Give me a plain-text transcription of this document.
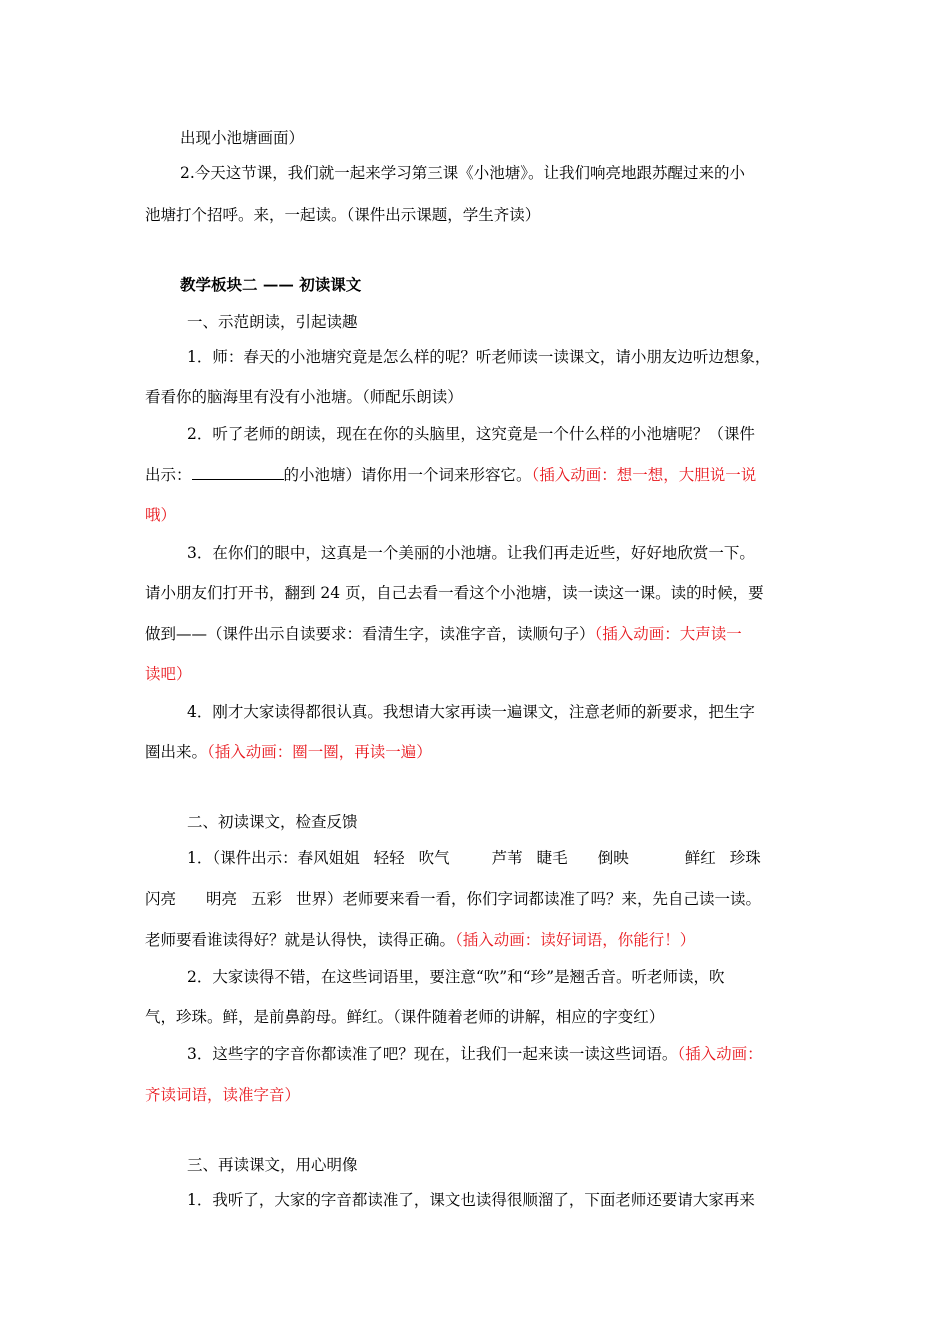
出现小池塘画面）
2.今天这节课，我们就一起来学习第三课《小池塘》。让我们响亮地跟苏醒过来的小
池塘打个招呼。来，一起读。（课件出示课题，学生齐读）
教学板块二 —— 初读课文
一、示范朗读，引起读趣
1．师：春天的小池塘究竟是怎么样的呢？听老师读一读课文，请小朋友边听边想象，
看看你的脑海里有没有小池塘。（师配乐朗读）
2．听了老师的朗读，现在在你的头脑里，这究竟是一个什么样的小池塘呢？（课件
出示：	的小池塘）请你用一个词来形容它。（插入动画：想一想，大胆说一说
哦）
3．在你们的眼中，这真是一个美丽的小池塘。让我们再走近些，好好地欣赏一下。
请小朋友们打开书，翻到 24 页，自己去看一看这个小池塘，读一读这一课。读的时候，要
做到——（课件出示自读要求：看清生字，读准字音，读顺句子）（插入动画：大声读一
读吧）
4．刚才大家读得都很认真。我想请大家再读一遍课文，注意老师的新要求，把生字
圈出来。（插入动画：圈一圈，再读一遍）
二、初读课文，检查反馈
1．（课件出示：春风姐姐 轻轻 吹气	芦苇 睫毛 倒映	鲜红 珍珠
闪亮 明亮 五彩 世界）老师要来看一看，你们字词都读准了吗？来，先自己读一读。
老师要看谁读得好？就是认得快，读得正确。（插入动画：读好词语，你能行！）
2．大家读得不错，在这些词语里，要注意“吹”和“珍”是翘舌音。听老师读，吹
气，珍珠。鲜，是前鼻韵母。鲜红。（课件随着老师的讲解，相应的字变红）
3．这些字的字音你都读准了吧？现在，让我们一起来读一读这些词语。（插入动画：
齐读词语，读准字音）
三、再读课文，用心明像
1．我听了，大家的字音都读准了，课文也读得很顺溜了，下面老师还要请大家再来
